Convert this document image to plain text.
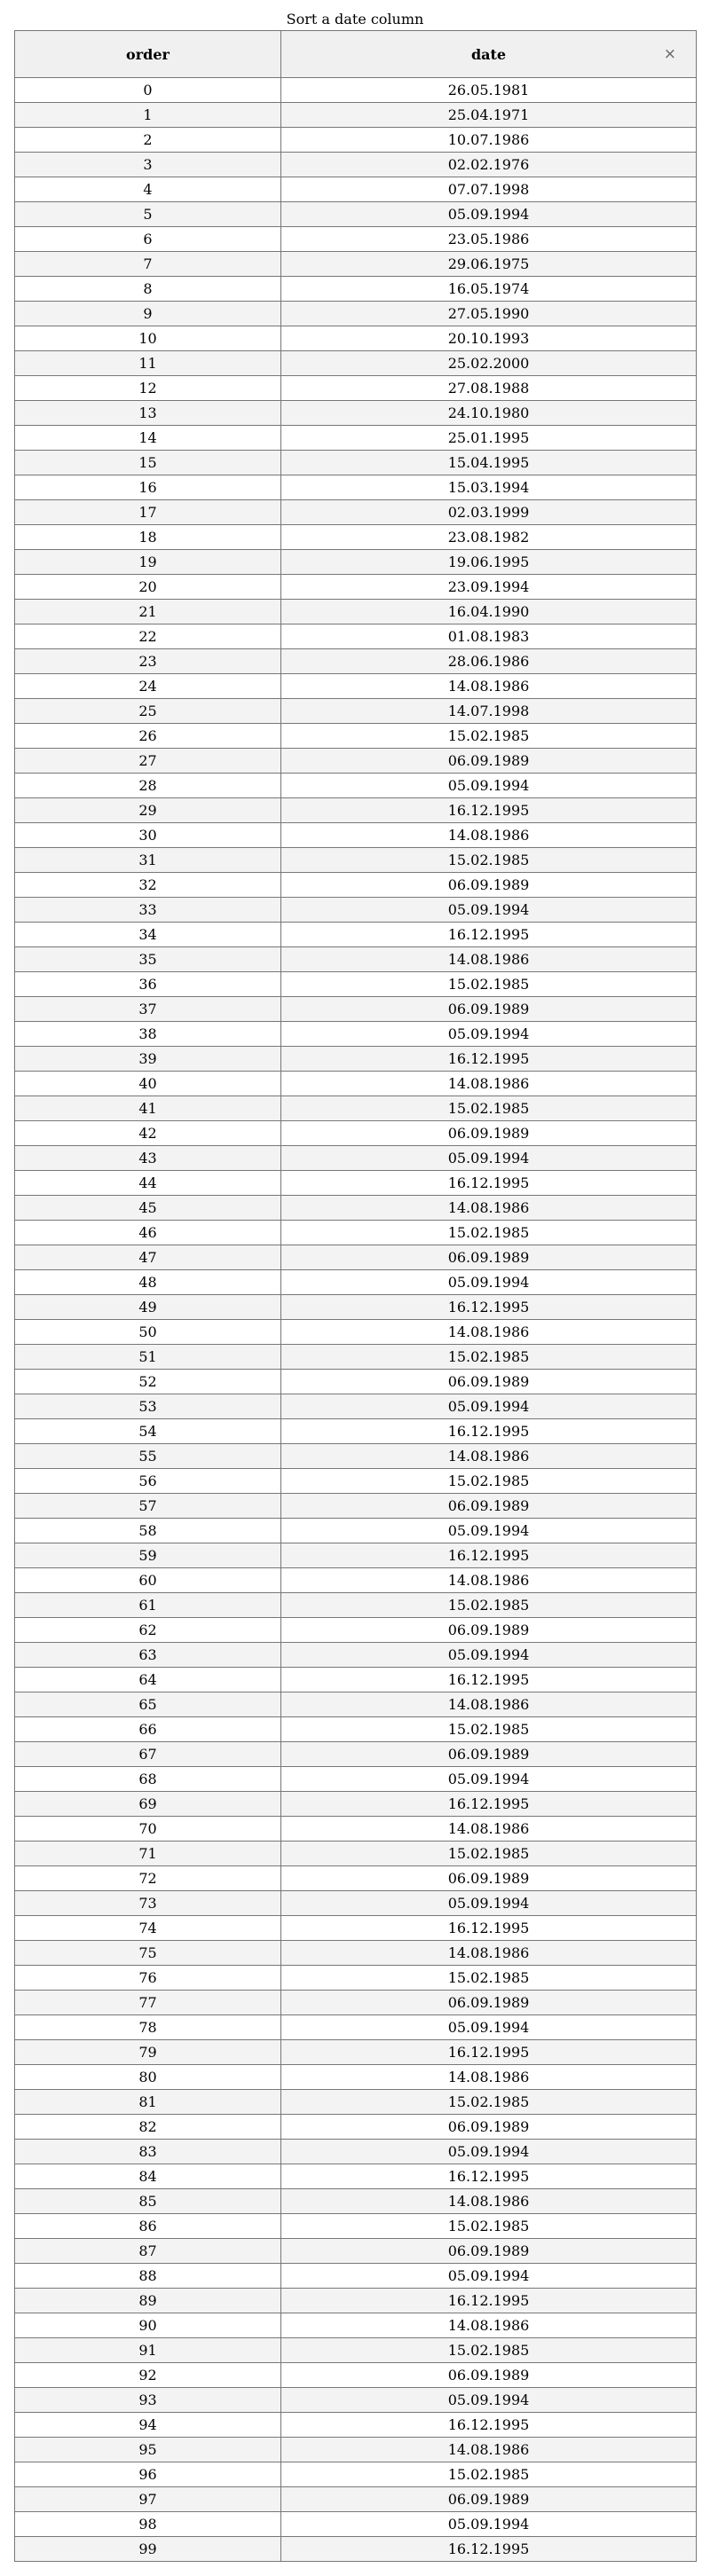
Sort a date column
order	date ⨯

0	26.05.1981
1	25.04.1971
2	10.07.1986
3	02.02.1976
4	07.07.1998
5	05.09.1994
6	23.05.1986
7	29.06.1975
8	16.05.1974
9	27.05.1990
10	20.10.1993
11	25.02.2000
12	27.08.1988
13	24.10.1980
14	25.01.1995
15	15.04.1995
16	15.03.1994
17	02.03.1999
18	23.08.1982
19	19.06.1995
20	23.09.1994
21	16.04.1990
22	01.08.1983
23	28.06.1986
24	14.08.1986
25	14.07.1998
26	15.02.1985
27	06.09.1989
28	05.09.1994
29	16.12.1995
30	14.08.1986
31	15.02.1985
32	06.09.1989
33	05.09.1994
34	16.12.1995
35	14.08.1986
36	15.02.1985
37	06.09.1989
38	05.09.1994
39	16.12.1995
40	14.08.1986
41	15.02.1985
42	06.09.1989
43	05.09.1994
44	16.12.1995
45	14.08.1986
46	15.02.1985
47	06.09.1989
48	05.09.1994
49	16.12.1995
50	14.08.1986
51	15.02.1985
52	06.09.1989
53	05.09.1994
54	16.12.1995
55	14.08.1986
56	15.02.1985
57	06.09.1989
58	05.09.1994
59	16.12.1995
60	14.08.1986
61	15.02.1985
62	06.09.1989
63	05.09.1994
64	16.12.1995
65	14.08.1986
66	15.02.1985
67	06.09.1989
68	05.09.1994
69	16.12.1995
70	14.08.1986
71	15.02.1985
72	06.09.1989
73	05.09.1994
74	16.12.1995
75	14.08.1986
76	15.02.1985
77	06.09.1989
78	05.09.1994
79	16.12.1995
80	14.08.1986
81	15.02.1985
82	06.09.1989
83	05.09.1994
84	16.12.1995
85	14.08.1986
86	15.02.1985
87	06.09.1989
88	05.09.1994
89	16.12.1995
90	14.08.1986
91	15.02.1985
92	06.09.1989
93	05.09.1994
94	16.12.1995
95	14.08.1986
96	15.02.1985
97	06.09.1989
98	05.09.1994
99	16.12.1995
